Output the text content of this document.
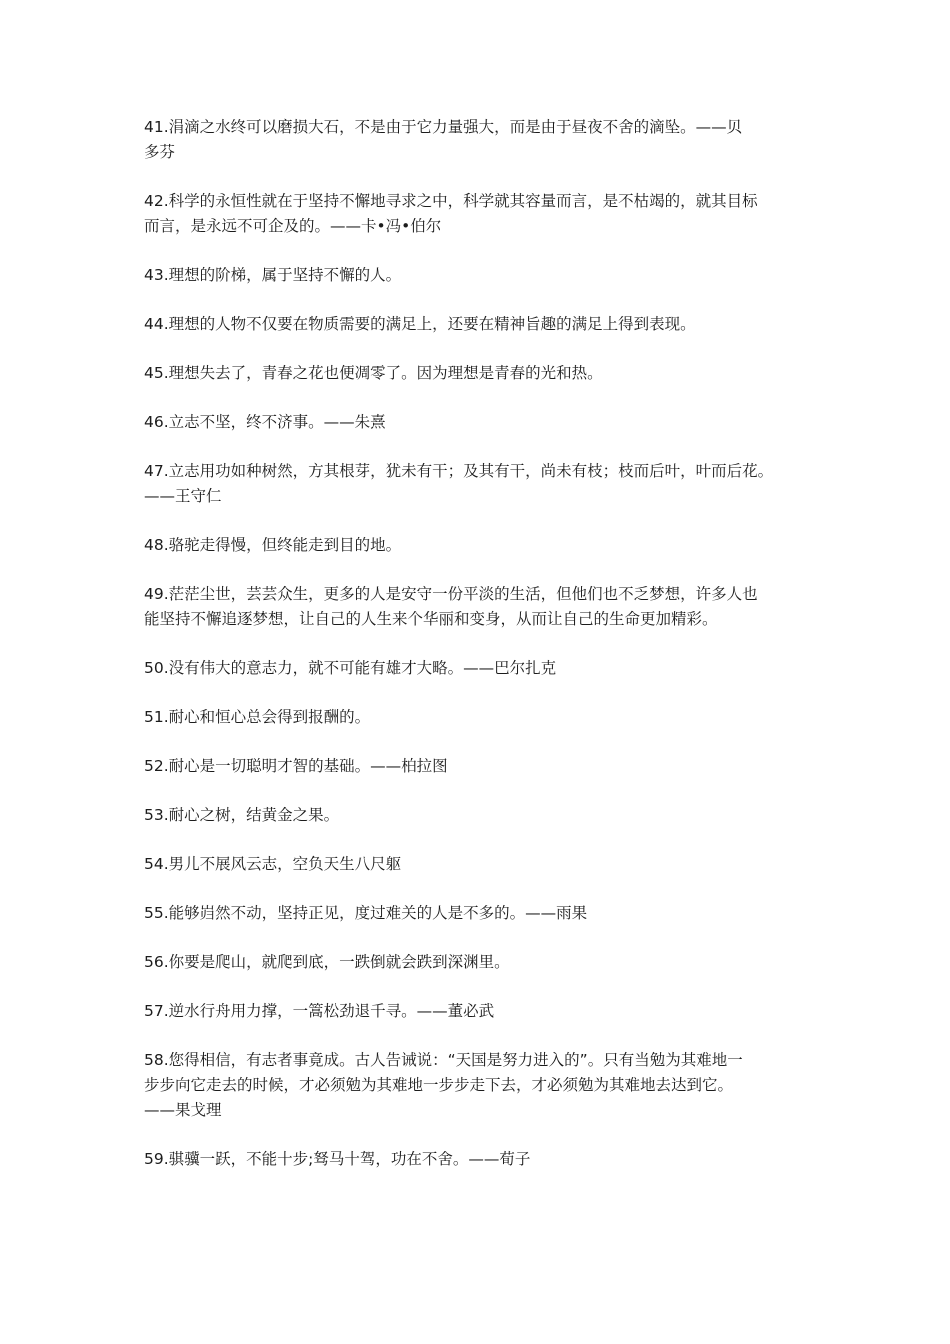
41.涓滴之水终可以磨损大石，不是由于它力量强大，而是由于昼夜不舍的滴坠。——贝
多芬

42.科学的永恒性就在于坚持不懈地寻求之中，科学就其容量而言，是不枯竭的，就其目标
而言，是永远不可企及的。——卡•冯•伯尔

43.理想的阶梯，属于坚持不懈的人。

44.理想的人物不仅要在物质需要的满足上，还要在精神旨趣的满足上得到表现。

45.理想失去了，青春之花也便凋零了。因为理想是青春的光和热。

46.立志不坚，终不济事。——朱熹

47.立志用功如种树然，方其根芽，犹未有干；及其有干，尚未有枝；枝而后叶，叶而后花。
——王守仁

48.骆驼走得慢，但终能走到目的地。

49.茫茫尘世，芸芸众生，更多的人是安守一份平淡的生活，但他们也不乏梦想，许多人也
能坚持不懈追逐梦想，让自己的人生来个华丽和变身，从而让自己的生命更加精彩。

50.没有伟大的意志力，就不可能有雄才大略。——巴尔扎克

51.耐心和恒心总会得到报酬的。

52.耐心是一切聪明才智的基础。——柏拉图

53.耐心之树，结黄金之果。

54.男儿不展风云志，空负天生八尺躯

55.能够岿然不动，坚持正见，度过难关的人是不多的。——雨果

56.你要是爬山，就爬到底，一跌倒就会跌到深渊里。

57.逆水行舟用力撑，一篙松劲退千寻。——董必武

58.您得相信，有志者事竟成。古人告诫说：“天国是努力进入的”。只有当勉为其难地一
步步向它走去的时候，才必须勉为其难地一步步走下去，才必须勉为其难地去达到它。
——果戈理

59.骐骥一跃，不能十步;驽马十驾，功在不舍。——荀子
